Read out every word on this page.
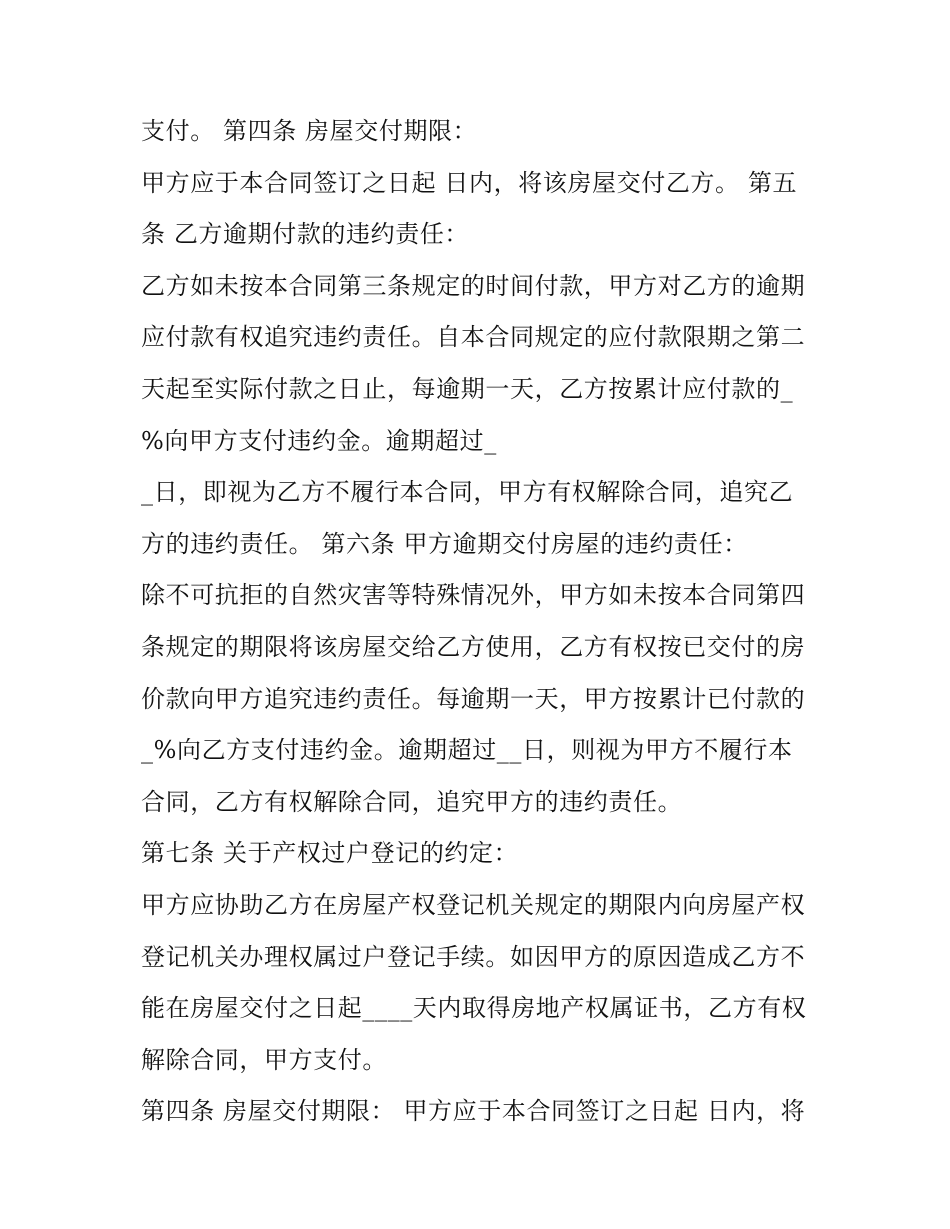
支付。 第四条 房屋交付期限：
甲方应于本合同签订之日起 日内，将该房屋交付乙方。 第五
条 乙方逾期付款的违约责任：
乙方如未按本合同第三条规定的时间付款，甲方对乙方的逾期
应付款有权追究违约责任。自本合同规定的应付款限期之第二
天起至实际付款之日止，每逾期一天，乙方按累计应付款的_
%向甲方支付违约金。逾期超过_
_日，即视为乙方不履行本合同，甲方有权解除合同，追究乙
方的违约责任。 第六条 甲方逾期交付房屋的违约责任：
除不可抗拒的自然灾害等特殊情况外，甲方如未按本合同第四
条规定的期限将该房屋交给乙方使用，乙方有权按已交付的房
价款向甲方追究违约责任。每逾期一天，甲方按累计已付款的
_%向乙方支付违约金。逾期超过__日，则视为甲方不履行本
合同，乙方有权解除合同，追究甲方的违约责任。
第七条 关于产权过户登记的约定：
甲方应协助乙方在房屋产权登记机关规定的期限内向房屋产权
登记机关办理权属过户登记手续。如因甲方的原因造成乙方不
能在房屋交付之日起____天内取得房地产权属证书，乙方有权
解除合同，甲方支付。
第四条 房屋交付期限： 甲方应于本合同签订之日起 日内，将
